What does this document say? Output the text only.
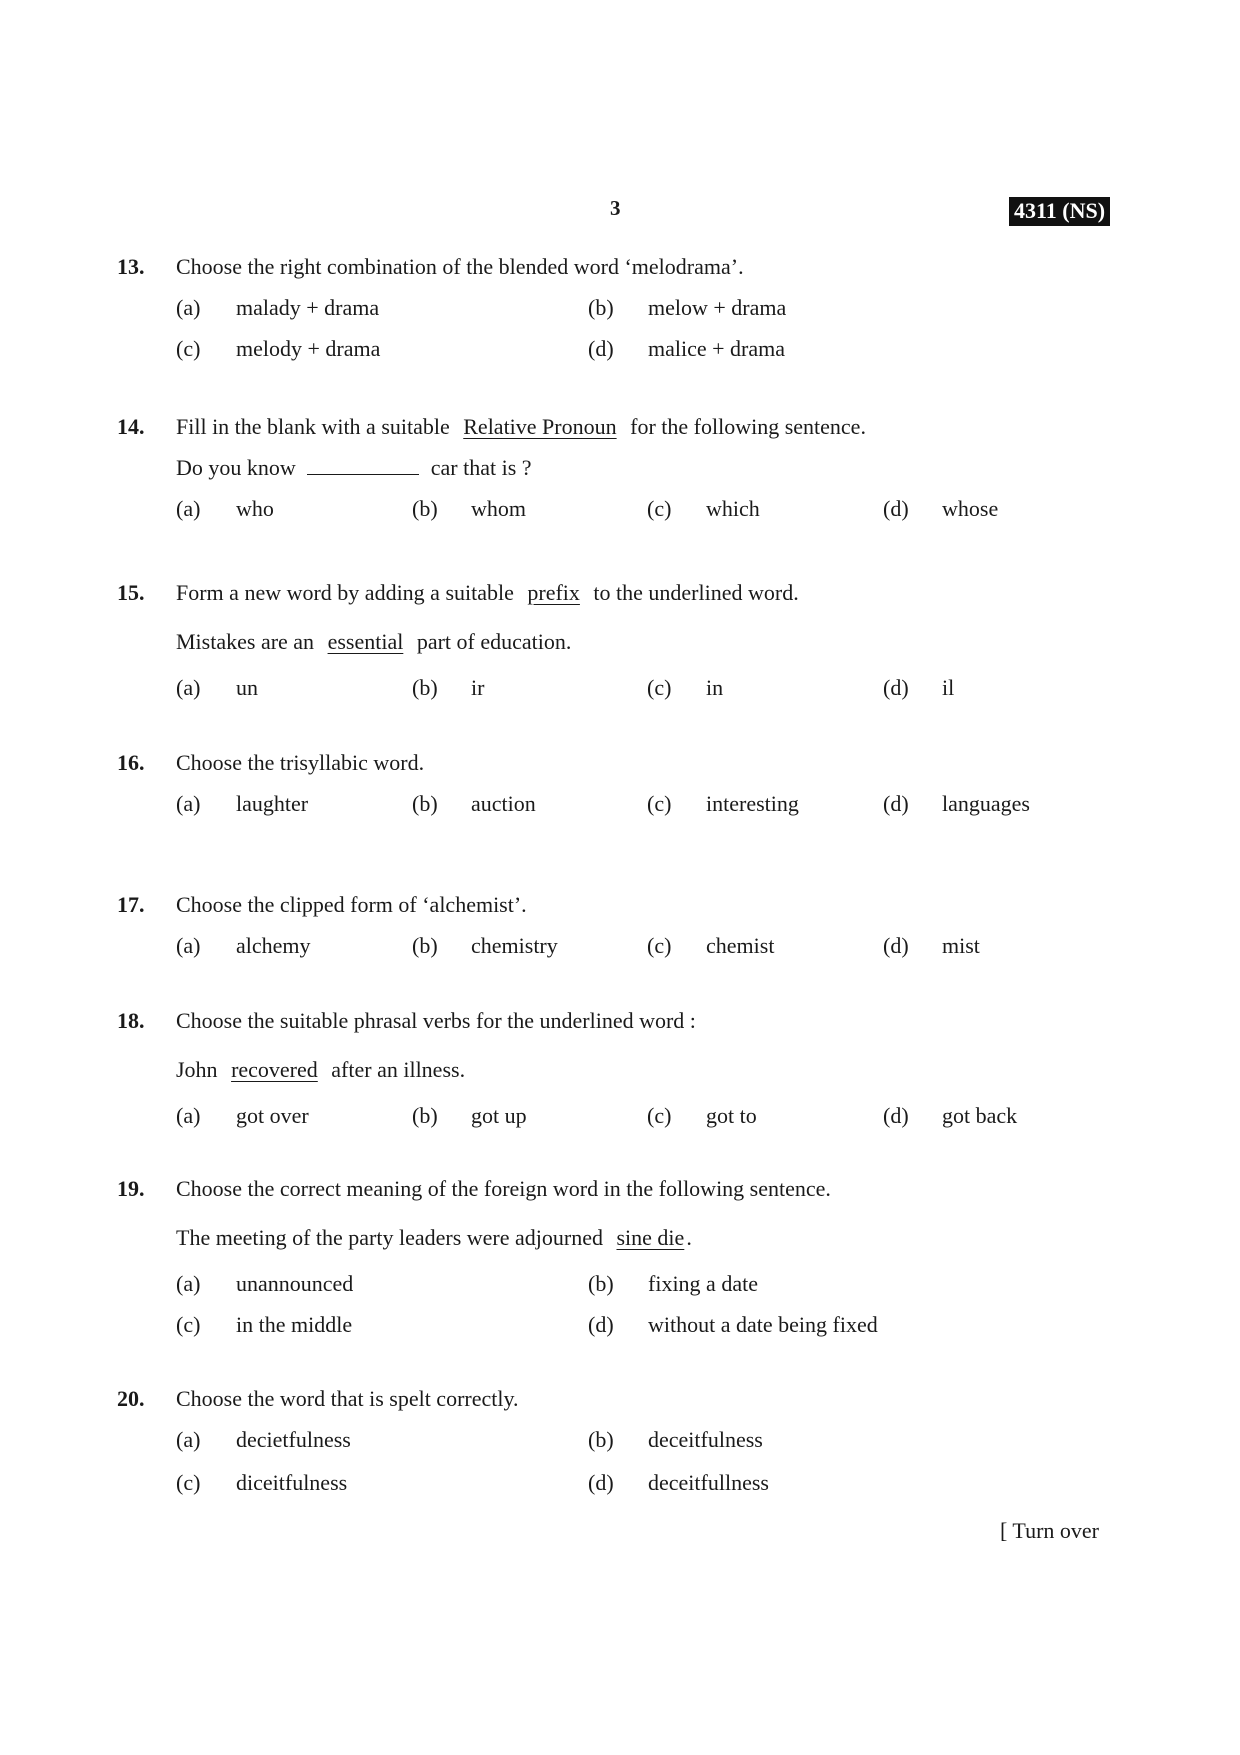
3	4311 (NS)
13. Choose the right combination of the blended word ‘melodrama’.
(a) malady + drama	(b) melow + drama
(c) melody + drama	(d) malice + drama
14. Fill in the blank with a suitable Relative Pronoun for the following sentence.
Do you know	car that is ?
(a) who	(b) whom	(c) which	(d) whose
15. Form a new word by adding a suitable prefix to the underlined word.
Mistakes are an essential part of education.
(a) un	(b) ir	(c) in	(d) il
16. Choose the trisyllabic word.
(a) laughter	(b) auction	(c) interesting	(d) languages
17. Choose the clipped form of ‘alchemist’.
(a) alchemy	(b) chemistry	(c) chemist	(d) mist
18. Choose the suitable phrasal verbs for the underlined word :
John recovered after an illness.
(a) got over	(b) got up	(c) got to	(d) got back
19. Choose the correct meaning of the foreign word in the following sentence.
The meeting of the party leaders were adjourned sine die.
(a) unannounced	(b) fixing a date
(c) in the middle	(d) without a date being fixed
20. Choose the word that is spelt correctly.
(a) decietfulness	(b) deceitfulness
(c) diceitfulness	(d) deceitfullness
[ Turn over
